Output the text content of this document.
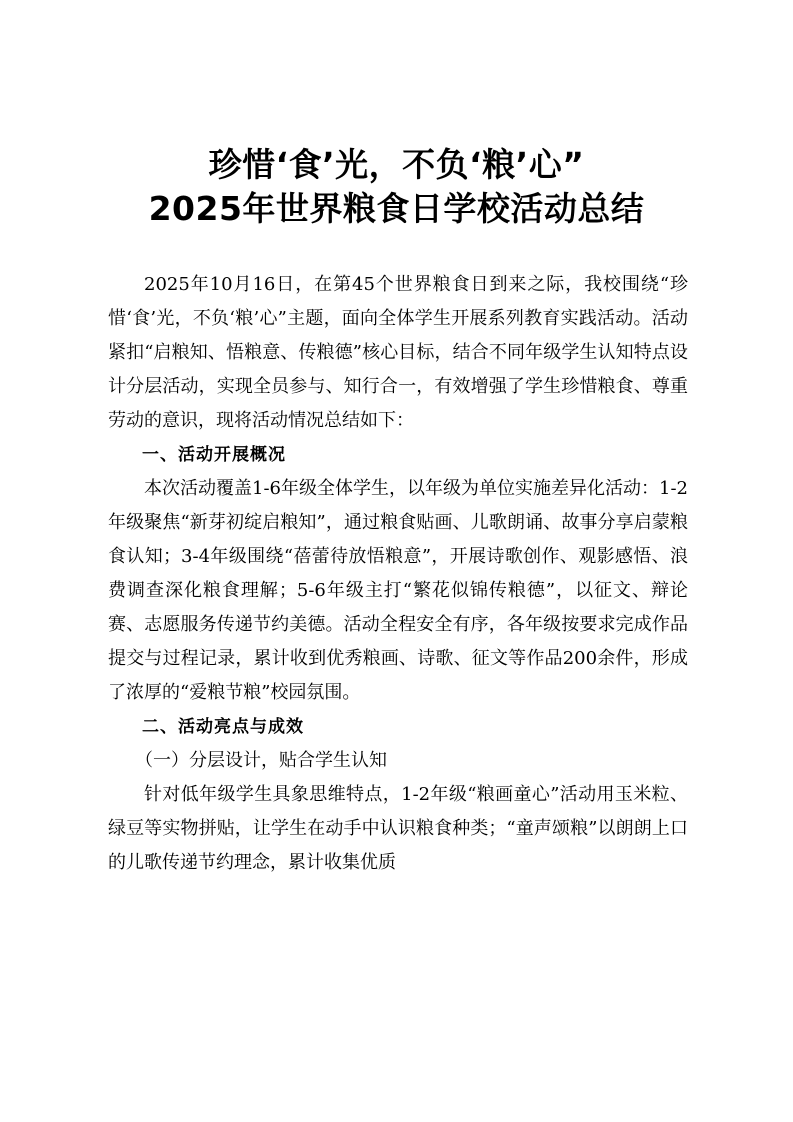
珍惜‘食’光，不负‘粮’心”
2025年世界粮食日学校活动总结

2025年10月16日，在第45个世界粮食日到来之际，我校围绕“珍惜‘食’光，不负‘粮’心”主题，面向全体学生开展系列教育实践活动。活动紧扣“启粮知、悟粮意、传粮德”核心目标，结合不同年级学生认知特点设计分层活动，实现全员参与、知行合一，有效增强了学生珍惜粮食、尊重劳动的意识，现将活动情况总结如下：

一、活动开展概况

本次活动覆盖1-6年级全体学生，以年级为单位实施差异化活动：1-2年级聚焦“新芽初绽启粮知”，通过粮食贴画、儿歌朗诵、故事分享启蒙粮食认知；3-4年级围绕“蓓蕾待放悟粮意”，开展诗歌创作、观影感悟、浪费调查深化粮食理解；5-6年级主打“繁花似锦传粮德”，以征文、辩论赛、志愿服务传递节约美德。活动全程安全有序，各年级按要求完成作品提交与过程记录，累计收到优秀粮画、诗歌、征文等作品200余件，形成了浓厚的“爱粮节粮”校园氛围。

二、活动亮点与成效

（一）分层设计，贴合学生认知

针对低年级学生具象思维特点，1-2年级“粮画童心”活动用玉米粒、绿豆等实物拼贴，让学生在动手中认识粮食种类；“童声颂粮”以朗朗上口的儿歌传递节约理念，累计收集优质
